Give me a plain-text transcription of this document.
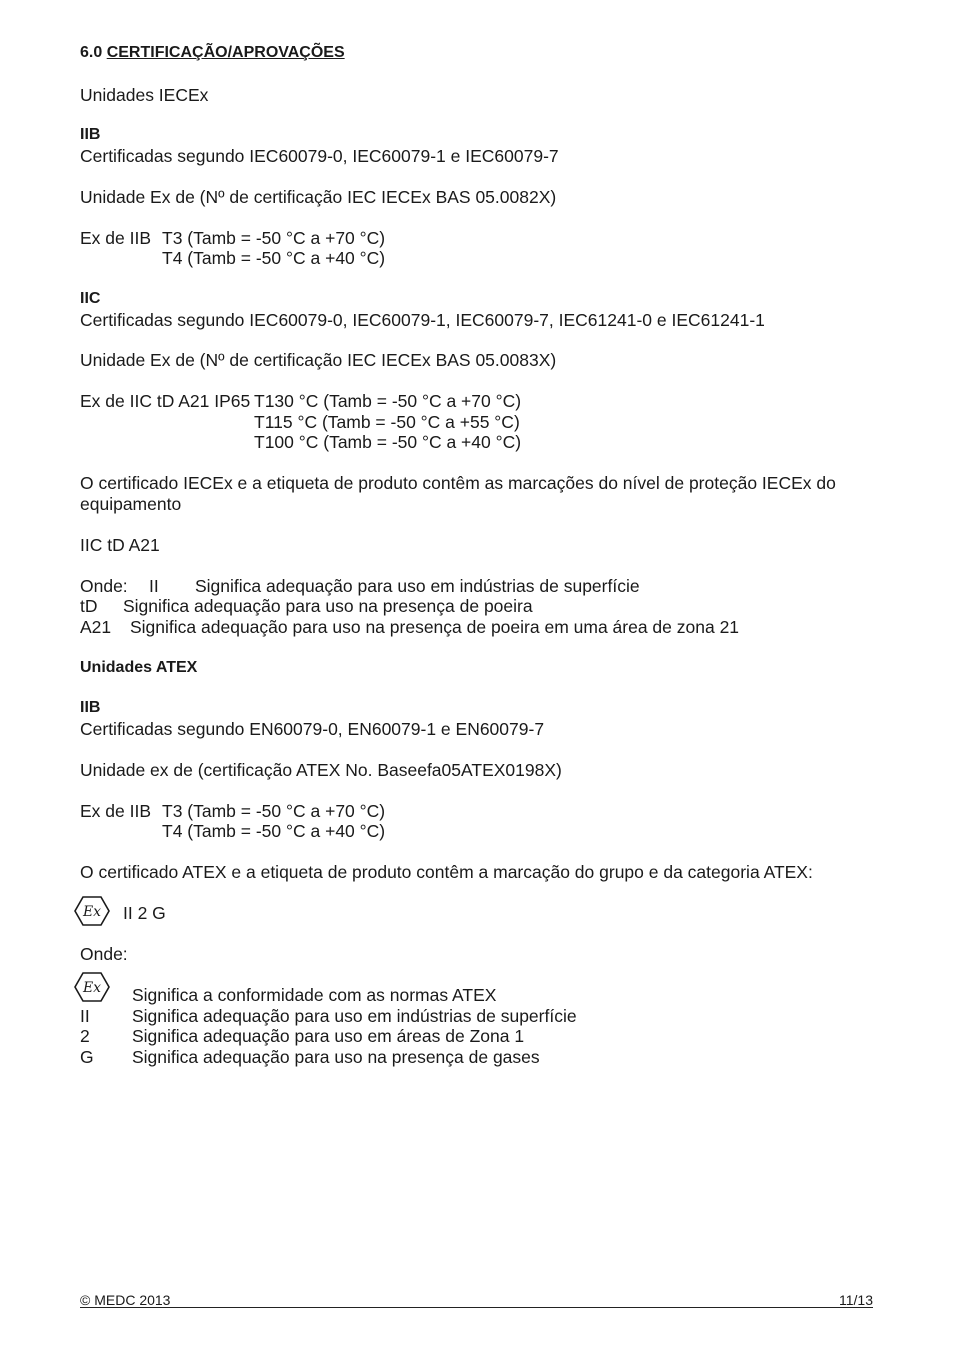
6.0 CERTIFICAÇÃO/APROVAÇÕES
Unidades IECEx
IIB
Certificadas segundo IEC60079-0, IEC60079-1 e IEC60079-7
Unidade Ex de (Nº de certificação IEC IECEx BAS 05.0082X)
Ex de IIB T3 (Tamb = -50 °C a +70 °C)
T4 (Tamb = -50 °C a +40 °C)
IIC
Certificadas segundo IEC60079-0, IEC60079-1, IEC60079-7, IEC61241-0 e IEC61241-1
Unidade Ex de (Nº de certificação IEC IECEx BAS 05.0083X)
Ex de IIC tD A21 IP65 T130 °C (Tamb = -50 °C a +70 °C)
T115 °C (Tamb = -50 °C a +55 °C)
T100 °C (Tamb = -50 °C a +40 °C)
O certificado IECEx e a etiqueta de produto contêm as marcações do nível de proteção IECEx do
equipamento
IIC tD A21
Onde: II Significa adequação para uso em indústrias de superfície
tD Significa adequação para uso na presença de poeira
A21 Significa adequação para uso na presença de poeira em uma área de zona 21
Unidades ATEX
IIB
Certificadas segundo EN60079-0, EN60079-1 e EN60079-7
Unidade ex de (certificação ATEX No. Baseefa05ATEX0198X)
Ex de IIB T3 (Tamb = -50 °C a +70 °C)
T4 (Tamb = -50 °C a +40 °C)
O certificado ATEX e a etiqueta de produto contêm a marcação do grupo e da categoria ATEX:
Ex II 2 G
Onde:
Ex Significa a conformidade com as normas ATEX
II Significa adequação para uso em indústrias de superfície
2 Significa adequação para uso em áreas de Zona 1
G Significa adequação para uso na presença de gases
© MEDC 2013	11/13
